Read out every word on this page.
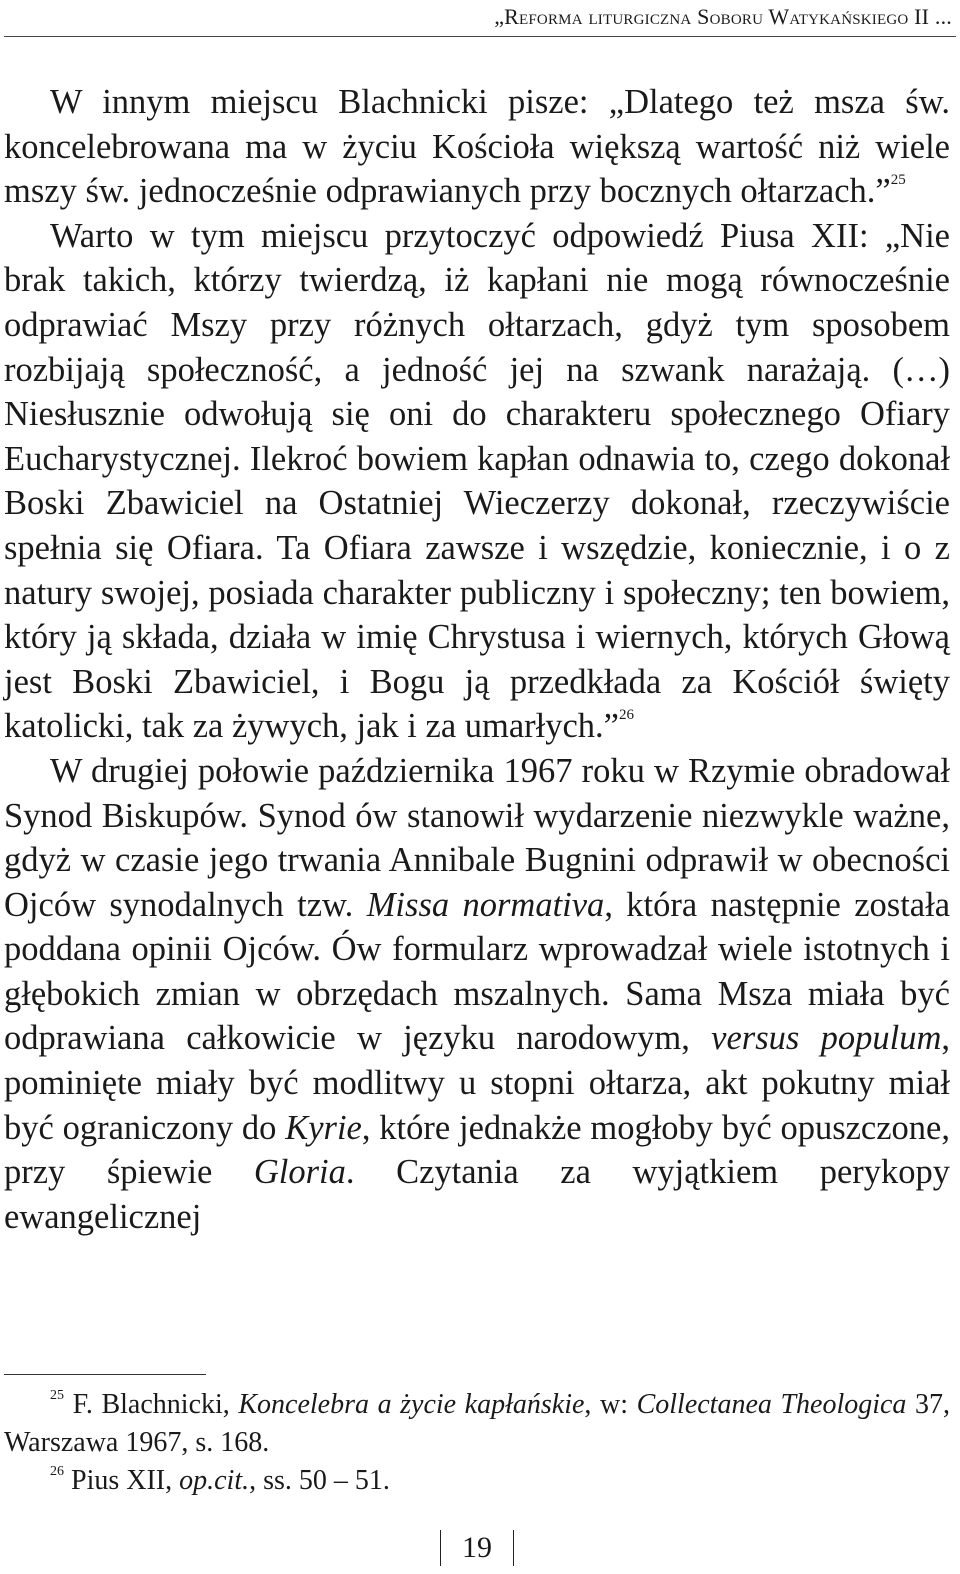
„Reforma liturgiczna Soboru Watykańskiego II ...

W innym miejscu Blachnicki pisze: „Dlatego też msza św. koncelebrowana ma w życiu Kościoła większą wartość niż wiele mszy św. jednocześnie odprawianych przy bocznych ołtarzach.”$^{25}$

Warto w tym miejscu przytoczyć odpowiedź Piusa XII: „Nie brak takich, którzy twierdzą, iż kapłani nie mogą równocześnie odprawiać Mszy przy różnych ołtarzach, gdyż tym sposobem rozbijają społeczność, a jedność jej na szwank narażają. (…) Niesłusznie odwołują się oni do charakteru społecznego Ofiary Eucharystycznej. Ilekroć bowiem kapłan odnawia to, czego dokonał Boski Zbawiciel na Ostatniej Wieczerzy dokonał, rzeczywiście spełnia się Ofiara. Ta Ofiara zawsze i wszędzie, koniecznie, i o z natury swojej, posiada charakter publiczny i społeczny; ten bowiem, który ją składa, działa w imię Chrystusa i wiernych, których Głową jest Boski Zbawiciel, i Bogu ją przedkłada za Kościół święty katolicki, tak za żywych, jak i za umarłych.”$^{26}$

W drugiej połowie października 1967 roku w Rzymie obradował Synod Biskupów. Synod ów stanowił wydarzenie niezwykle ważne, gdyż w czasie jego trwania Annibale Bugnini odprawił w obecności Ojców synodalnych tzw. Missa normativa, która następnie została poddana opinii Ojców. Ów formularz wprowadzał wiele istotnych i głębokich zmian w obrzędach mszalnych. Sama Msza miała być odprawiana całkowicie w języku narodowym, versus populum, pominięte miały być modlitwy u stopni ołtarza, akt pokutny miał być ograniczony do Kyrie, które jednakże mogłoby być opuszczone, przy śpiewie Gloria. Czytania za wyjątkiem perykopy ewangelicznej

$^{25}$ F. Blachnicki, Koncelebra a życie kapłańskie, w: Collectanea Theologica 37, Warszawa 1967, s. 168.

$^{26}$ Pius XII, op.cit., ss. 50 – 51.

19
